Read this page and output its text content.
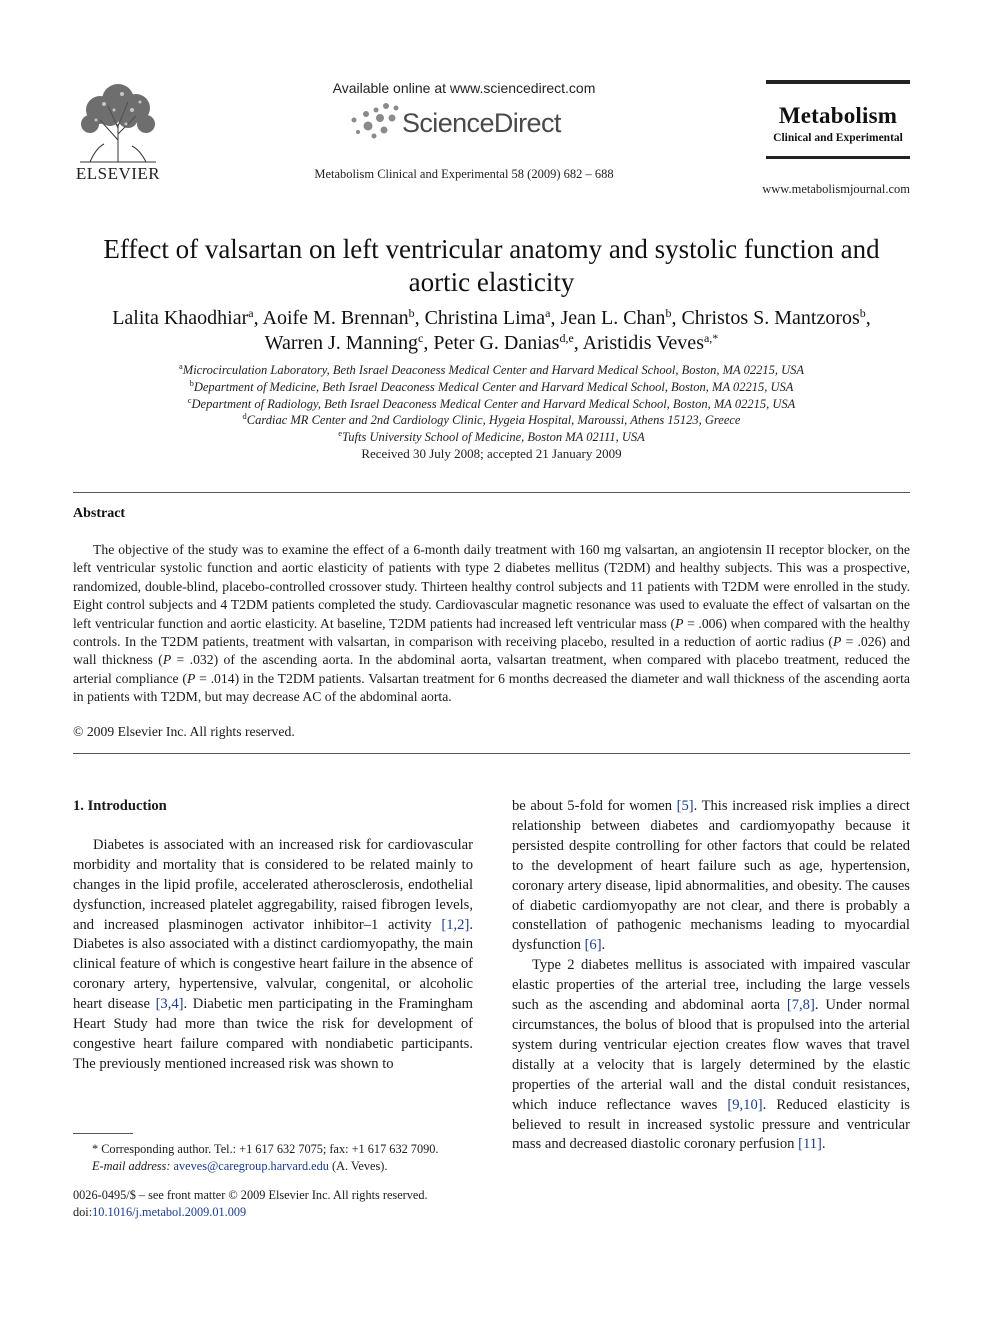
ELSEVIER
Available online at www.sciencedirect.com
ScienceDirect
Metabolism Clinical and Experimental 58 (2009) 682 – 688
Metabolism
Clinical and Experimental
www.metabolismjournal.com
Effect of valsartan on left ventricular anatomy and systolic function and aortic elasticity
Lalita Khaodhiar$^a$, Aoife M. Brennan$^b$, Christina Lima$^a$, Jean L. Chan$^b$, Christos S. Mantzoros$^b$,
Warren J. Manning$^c$, Peter G. Danias$^{d,e}$, Aristidis Veves$^{a,*}$
$^a$Microcirculation Laboratory, Beth Israel Deaconess Medical Center and Harvard Medical School, Boston, MA 02215, USA
$^b$Department of Medicine, Beth Israel Deaconess Medical Center and Harvard Medical School, Boston, MA 02215, USA
$^c$Department of Radiology, Beth Israel Deaconess Medical Center and Harvard Medical School, Boston, MA 02215, USA
$^d$Cardiac MR Center and 2nd Cardiology Clinic, Hygeia Hospital, Maroussi, Athens 15123, Greece
$^e$Tufts University School of Medicine, Boston MA 02111, USA
Received 30 July 2008; accepted 21 January 2009
Abstract

The objective of the study was to examine the effect of a 6-month daily treatment with 160 mg valsartan, an angiotensin II receptor blocker, on the left ventricular systolic function and aortic elasticity of patients with type 2 diabetes mellitus (T2DM) and healthy subjects. This was a prospective, randomized, double-blind, placebo-controlled crossover study. Thirteen healthy control subjects and 11 patients with T2DM were enrolled in the study. Eight control subjects and 4 T2DM patients completed the study. Cardiovascular magnetic resonance was used to evaluate the effect of valsartan on the left ventricular function and aortic elasticity. At baseline, T2DM patients had increased left ventricular mass (P = .006) when compared with the healthy controls. In the T2DM patients, treatment with valsartan, in comparison with receiving placebo, resulted in a reduction of aortic radius (P = .026) and wall thickness (P = .032) of the ascending aorta. In the abdominal aorta, valsartan treatment, when compared with placebo treatment, reduced the arterial compliance (P = .014) in the T2DM patients. Valsartan treatment for 6 months decreased the diameter and wall thickness of the ascending aorta in patients with T2DM, but may decrease AC of the abdominal aorta.

© 2009 Elsevier Inc. All rights reserved.

1. Introduction

Diabetes is associated with an increased risk for cardiovascular morbidity and mortality that is considered to be related mainly to changes in the lipid profile, accelerated atherosclerosis, endothelial dysfunction, increased platelet aggregability, raised fibrogen levels, and increased plasminogen activator inhibitor–1 activity [1,2]. Diabetes is also associated with a distinct cardiomyopathy, the main clinical feature of which is congestive heart failure in the absence of coronary artery, hypertensive, valvular, congenital, or alcoholic heart disease [3,4]. Diabetic men participating in the Framingham Heart Study had more than twice the risk for development of congestive heart failure compared with nondiabetic participants. The previously mentioned increased risk was shown to

be about 5-fold for women [5]. This increased risk implies a direct relationship between diabetes and cardiomyopathy because it persisted despite controlling for other factors that could be related to the development of heart failure such as age, hypertension, coronary artery disease, lipid abnormalities, and obesity. The causes of diabetic cardiomyopathy are not clear, and there is probably a constellation of pathogenic mechanisms leading to myocardial dysfunction [6].

Type 2 diabetes mellitus is associated with impaired vascular elastic properties of the arterial tree, including the large vessels such as the ascending and abdominal aorta [7,8]. Under normal circumstances, the bolus of blood that is propulsed into the arterial system during ventricular ejection creates flow waves that travel distally at a velocity that is largely determined by the elastic properties of the arterial wall and the distal conduit resistances, which induce reflectance waves [9,10]. Reduced elasticity is believed to result in increased systolic pressure and ventricular mass and decreased diastolic coronary perfusion [11].

* Corresponding author. Tel.: +1 617 632 7075; fax: +1 617 632 7090.
E-mail address: aveves@caregroup.harvard.edu (A. Veves).
0026-0495/$ – see front matter © 2009 Elsevier Inc. All rights reserved.
doi:10.1016/j.metabol.2009.01.009
